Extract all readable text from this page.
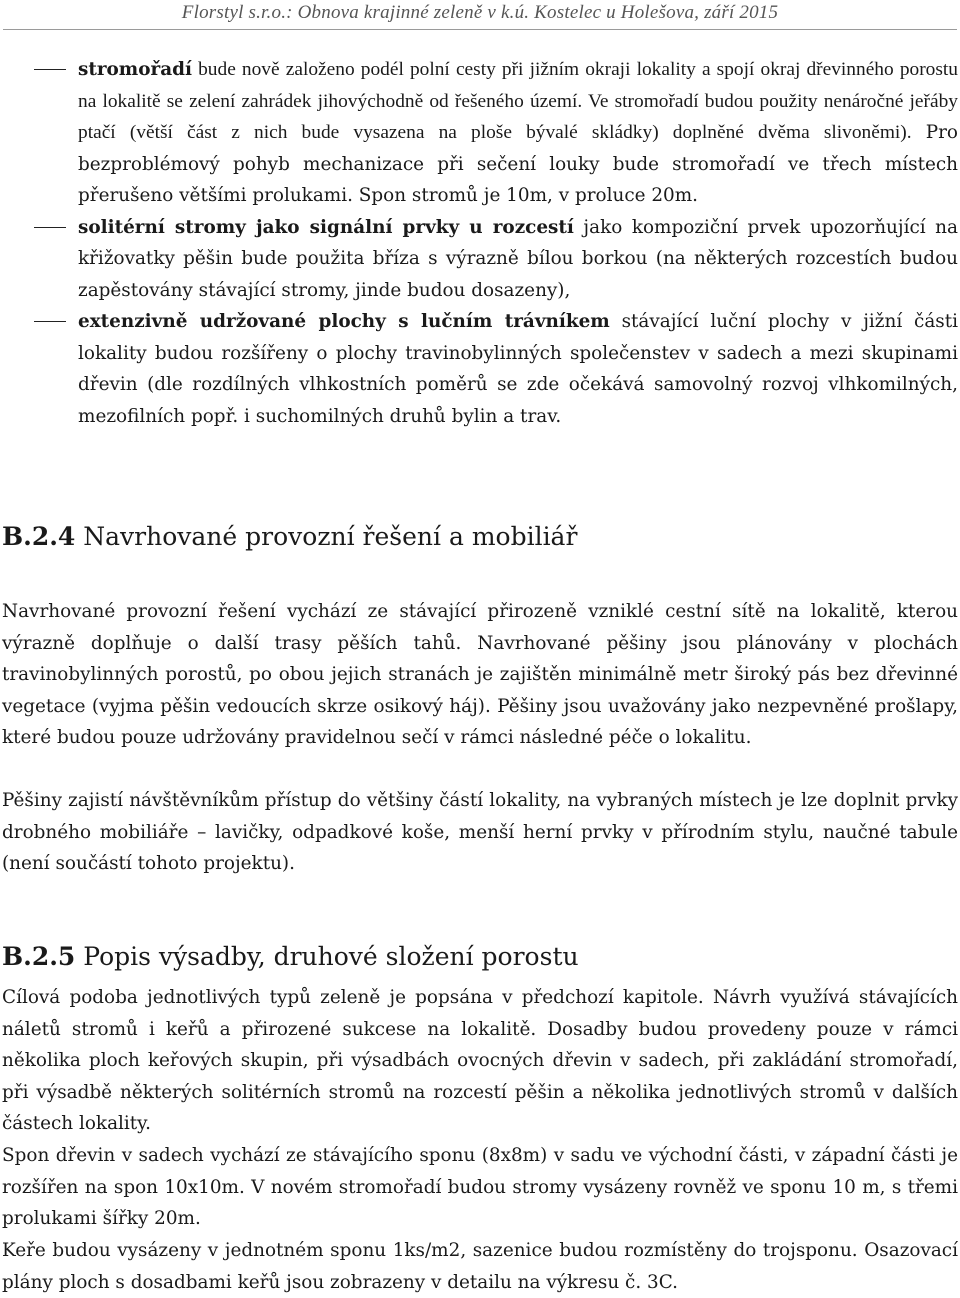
Florstyl s.r.o.: Obnova krajinné zeleně v k.ú. Kostelec u Holešova, září 2015
stromořadí bude nově založeno podél polní cesty při jižním okraji lokality a spojí okraj dřevinného porostu na lokalitě se zelení zahrádek jihovýchodně od řešeného území. Ve stromořadí budou použity nenáročné jeřáby ptačí (větší část z nich bude vysazena na ploše bývalé skládky) doplněné dvěma slivoněmi). Pro bezproblémový pohyb mechanizace při sečení louky bude stromořadí ve třech místech přerušeno většími prolukami. Spon stromů je 10m, v proluce 20m.
solitérní stromy jako signální prvky u rozcestí jako kompoziční prvek upozorňující na křižovatky pěšin bude použita bříza s výrazně bílou borkou (na některých rozcestích budou zapěstovány stávající stromy, jinde budou dosazeny),
extenzivně udržované plochy s lučním trávníkem stávající luční plochy v jižní části lokality budou rozšířeny o plochy travinobylinných společenstev v sadech a mezi skupinami dřevin (dle rozdílných vlhkostních poměrů se zde očekává samovolný rozvoj vlhkomilných, mezofilních popř. i suchomilných druhů bylin a trav.
B.2.4 Navrhované provozní řešení a mobiliář

Navrhované provozní řešení vychází ze stávající přirozeně vzniklé cestní sítě na lokalitě, kterou výrazně doplňuje o další trasy pěších tahů. Navrhované pěšiny jsou plánovány v plochách travinobylinných porostů, po obou jejich stranách je zajištěn minimálně metr široký pás bez dřevinné vegetace (vyjma pěšin vedoucích skrze osikový háj). Pěšiny jsou uvažovány jako nezpevněné prošlapy, které budou pouze udržovány pravidelnou sečí v rámci následné péče o lokalitu.

Pěšiny zajistí návštěvníkům přístup do většiny částí lokality, na vybraných místech je lze doplnit prvky drobného mobiliáře – lavičky, odpadkové koše, menší herní prvky v přírodním stylu, naučné tabule (není součástí tohoto projektu).

B.2.5 Popis výsadby, druhové složení porostu

Cílová podoba jednotlivých typů zeleně je popsána v předchozí kapitole. Návrh využívá stávajících náletů stromů i keřů a přirozené sukcese na lokalitě. Dosadby budou provedeny pouze v rámci několika ploch keřových skupin, při výsadbách ovocných dřevin v sadech, při zakládání stromořadí, při výsadbě některých solitérních stromů na rozcestí pěšin a několika jednotlivých stromů v dalších částech lokality.

Spon dřevin v sadech vychází ze stávajícího sponu (8x8m) v sadu ve východní části, v západní části je rozšířen na spon 10x10m. V novém stromořadí budou stromy vysázeny rovněž ve sponu 10 m, s třemi prolukami šířky 20m.

Keře budou vysázeny v jednotném sponu 1ks/m2, sazenice budou rozmístěny do trojsponu. Osazovací plány ploch s dosadbami keřů jsou zobrazeny v detailu na výkresu č. 3C.
